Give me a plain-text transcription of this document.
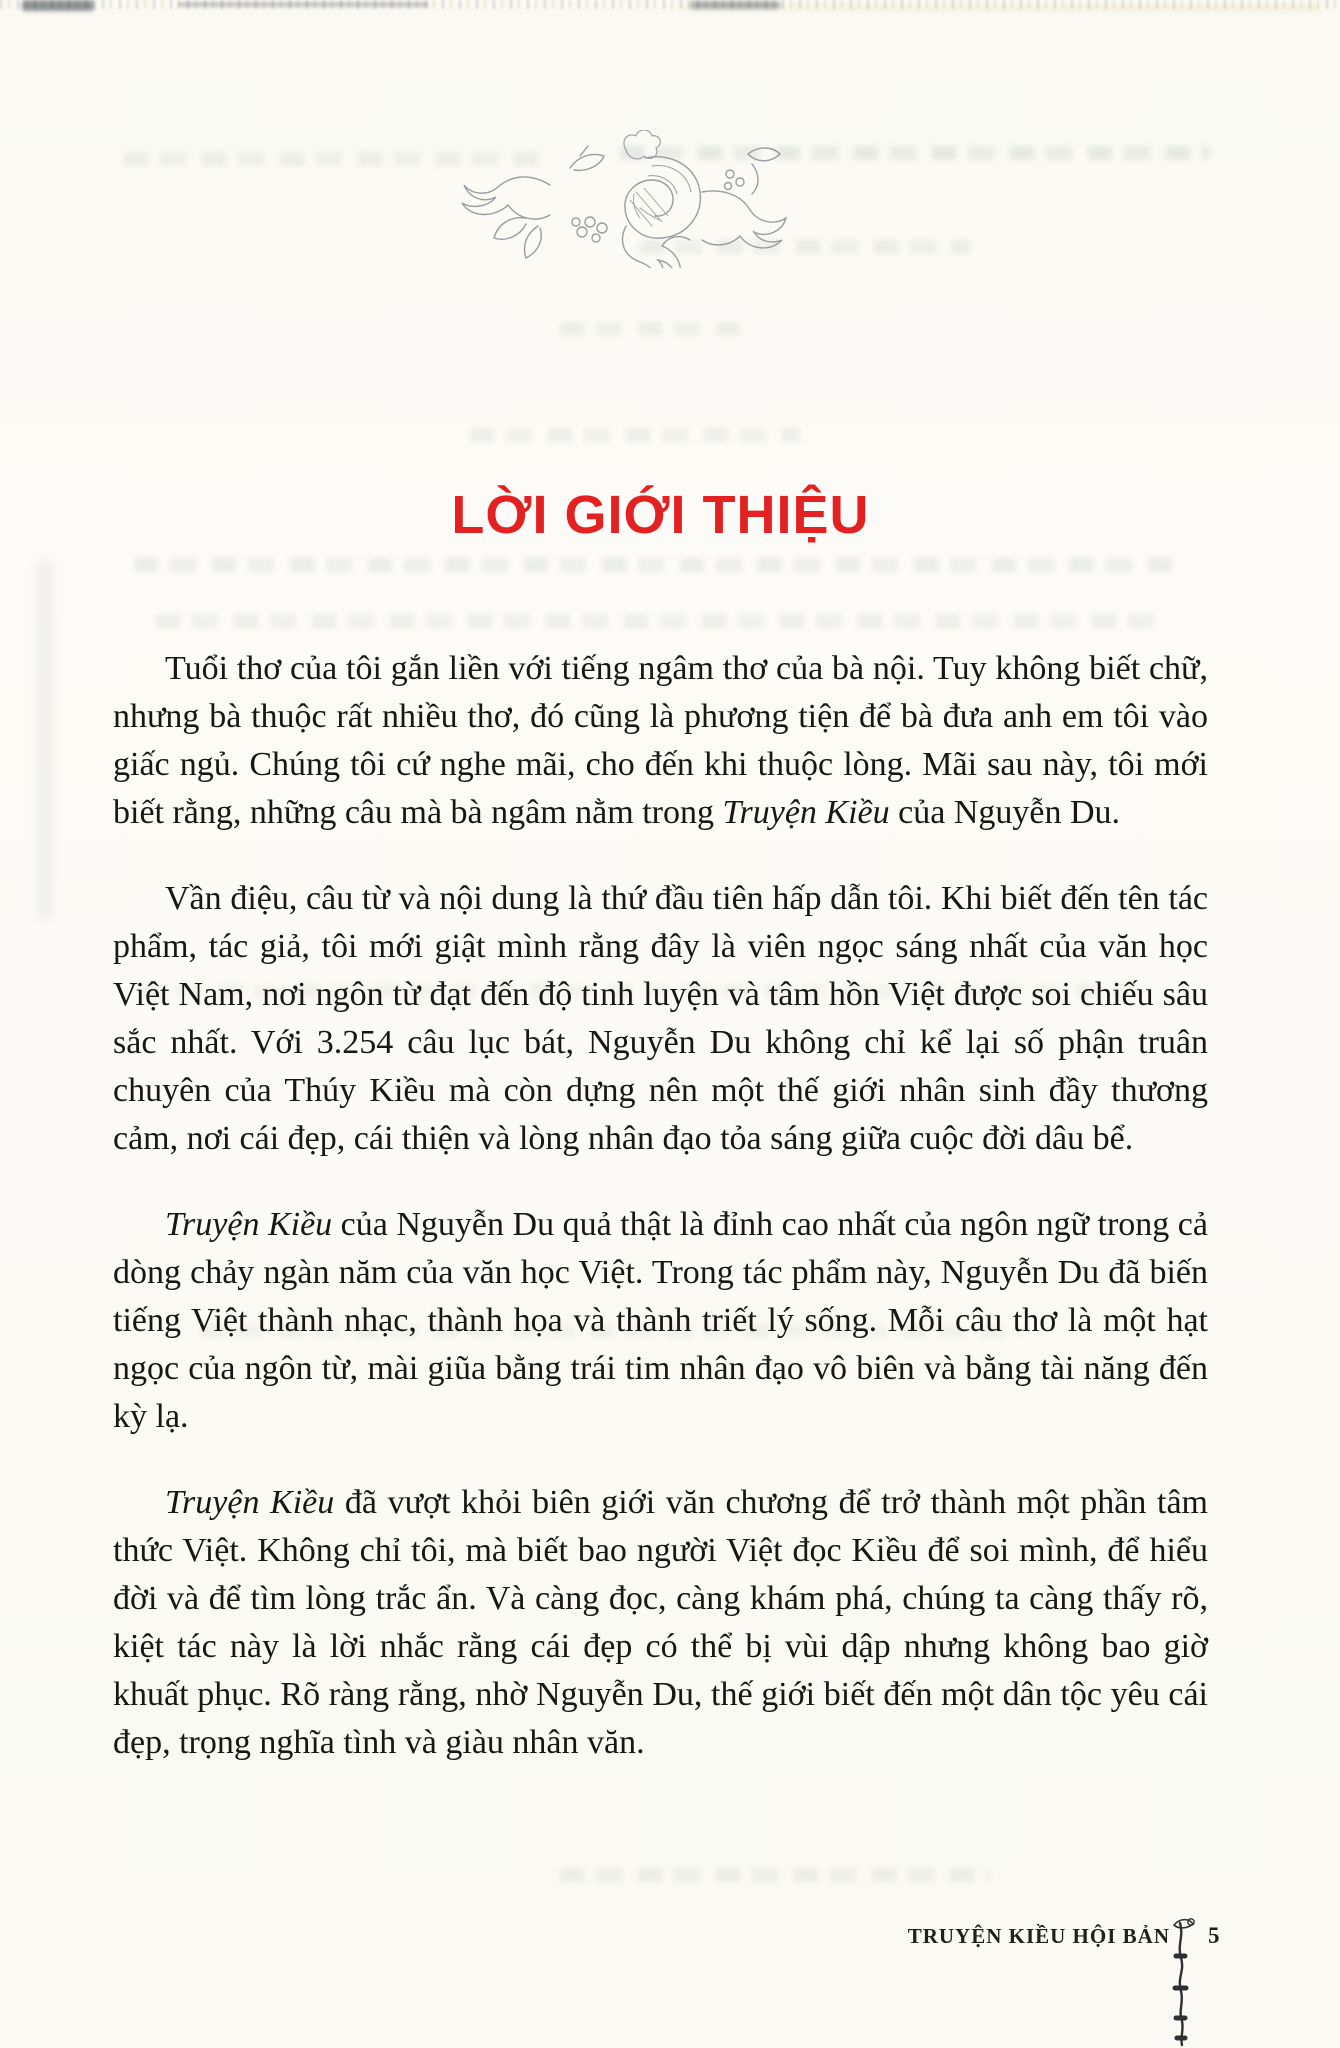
LỜI GIỚI THIỆU

Tuổi thơ của tôi gắn liền với tiếng ngâm thơ của bà nội. Tuy không biết chữ, nhưng bà thuộc rất nhiều thơ, đó cũng là phương tiện để bà đưa anh em tôi vào giấc ngủ. Chúng tôi cứ nghe mãi, cho đến khi thuộc lòng. Mãi sau này, tôi mới biết rằng, những câu mà bà ngâm nằm trong Truyện Kiều của Nguyễn Du.

Vần điệu, câu từ và nội dung là thứ đầu tiên hấp dẫn tôi. Khi biết đến tên tác phẩm, tác giả, tôi mới giật mình rằng đây là viên ngọc sáng nhất của văn học Việt Nam, nơi ngôn từ đạt đến độ tinh luyện và tâm hồn Việt được soi chiếu sâu sắc nhất. Với 3.254 câu lục bát, Nguyễn Du không chỉ kể lại số phận truân chuyên của Thúy Kiều mà còn dựng nên một thế giới nhân sinh đầy thương cảm, nơi cái đẹp, cái thiện và lòng nhân đạo tỏa sáng giữa cuộc đời dâu bể.

Truyện Kiều của Nguyễn Du quả thật là đỉnh cao nhất của ngôn ngữ trong cả dòng chảy ngàn năm của văn học Việt. Trong tác phẩm này, Nguyễn Du đã biến tiếng Việt thành nhạc, thành họa và thành triết lý sống. Mỗi câu thơ là một hạt ngọc của ngôn từ, mài giũa bằng trái tim nhân đạo vô biên và bằng tài năng đến kỳ lạ.

Truyện Kiều đã vượt khỏi biên giới văn chương để trở thành một phần tâm thức Việt. Không chỉ tôi, mà biết bao người Việt đọc Kiều để soi mình, để hiểu đời và để tìm lòng trắc ẩn. Và càng đọc, càng khám phá, chúng ta càng thấy rõ, kiệt tác này là lời nhắc rằng cái đẹp có thể bị vùi dập nhưng không bao giờ khuất phục. Rõ ràng rằng, nhờ Nguyễn Du, thế giới biết đến một dân tộc yêu cái đẹp, trọng nghĩa tình và giàu nhân văn.

TRUYỆN KIỀU HỘI BẢN 5
